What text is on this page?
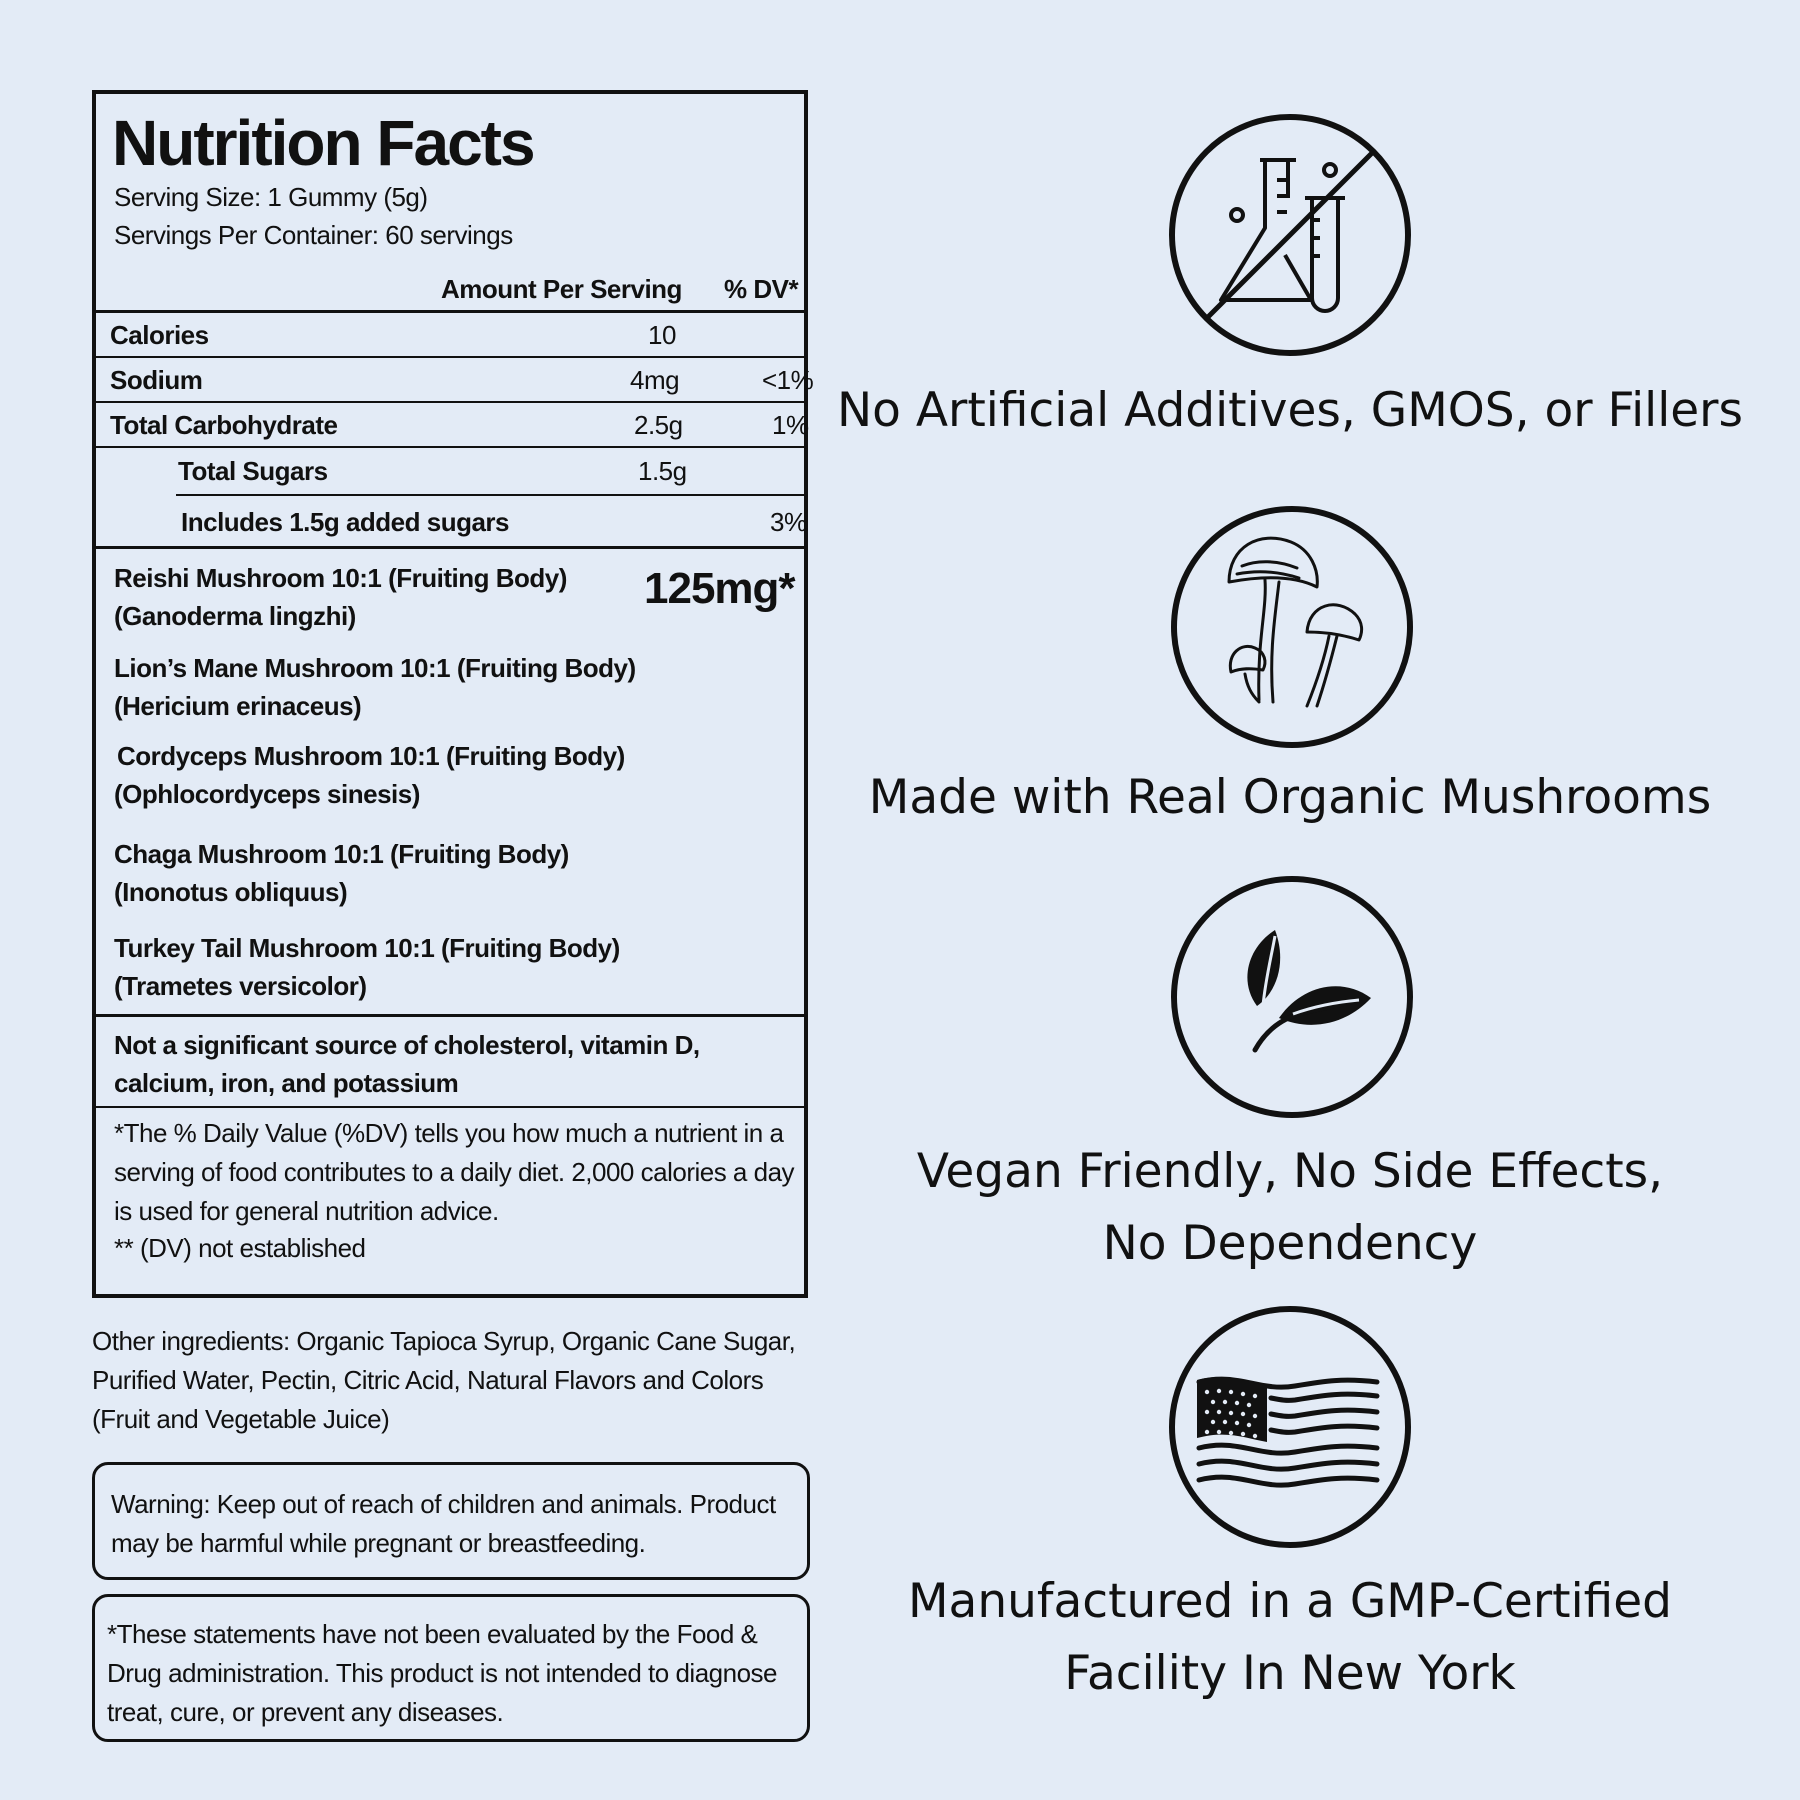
Nutrition Facts
Serving Size: 1 Gummy (5g)
Servings Per Container: 60 servings
Amount Per Serving % DV*
Calories	10
Sodium	4mg	<1%
Total Carbohydrate	2.5g	1%
Total Sugars	1.5g
Includes 1.5g added sugars	3%
125mg*
Reishi Mushroom 10:1 (Fruiting Body)
(Ganoderma lingzhi)
Lion’s Mane Mushroom 10:1 (Fruiting Body)
(Hericium erinaceus)
Cordyceps Mushroom 10:1 (Fruiting Body)
(Ophlocordyceps sinesis)
Chaga Mushroom 10:1 (Fruiting Body)
(Inonotus obliquus)
Turkey Tail Mushroom 10:1 (Fruiting Body)
(Trametes versicolor)
Not a significant source of cholesterol, vitamin D, calcium, iron, and potassium
*The % Daily Value (%DV) tells you how much a nutrient in a serving of food contributes to a daily diet. 2,000 calories a day is used for general nutrition advice.
** (DV) not established
Other ingredients: Organic Tapioca Syrup, Organic Cane Sugar, Purified Water, Pectin, Citric Acid, Natural Flavors and Colors (Fruit and Vegetable Juice)
Warning: Keep out of reach of children and animals. Product may be harmful while pregnant or breastfeeding.
*These statements have not been evaluated by the Food & Drug administration. This product is not intended to diagnose treat, cure, or prevent any diseases.
No Artificial Additives, GMOS, or Fillers
Made with Real Organic Mushrooms
Vegan Friendly, No Side Effects,
No Dependency
Manufactured in a GMP-Certified
Facility In New York
